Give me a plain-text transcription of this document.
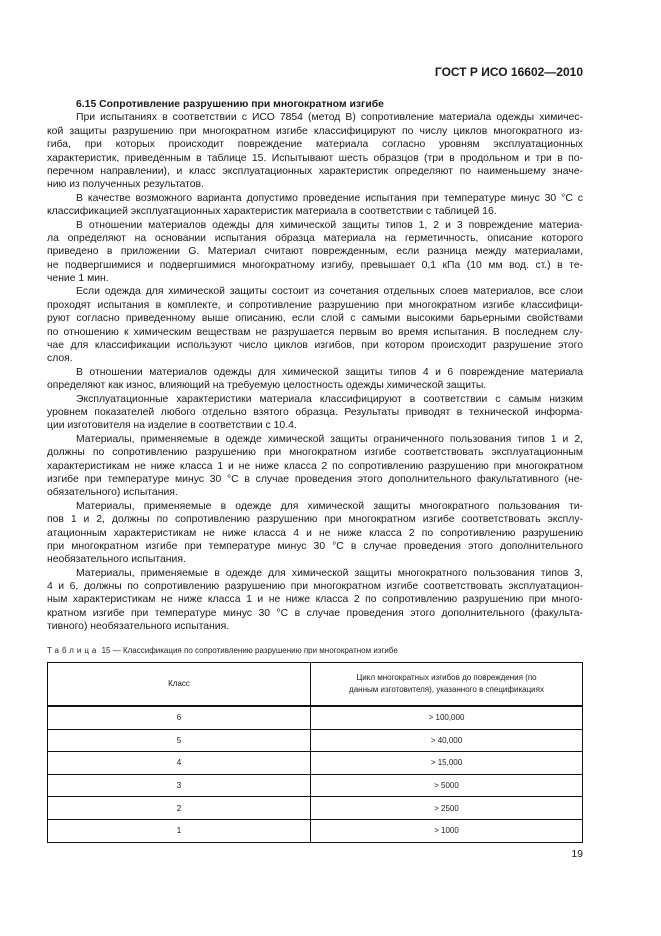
ГОСТ Р ИСО 16602—2010
6.15 Сопротивление разрушению при многократном изгибе
При испытаниях в соответствии с ИСО 7854 (метод В) сопротивление материала одежды химичес-
кой защиты разрушению при многократном изгибе классифицируют по числу циклов многократного из-
гиба, при которых происходит повреждение материала согласно уровням эксплуатационных
характеристик, приведенным в таблице 15. Испытывают шесть образцов (три в продольном и три в по-
перечном направлении), и класс эксплуатационных характеристик определяют по наименьшему значе-
нию из полученных результатов.
В качестве возможного варианта допустимо проведение испытания при температуре минус 30 °С с
классификацией эксплуатационных характеристик материала в соответствии с таблицей 16.
В отношении материалов одежды для химической защиты типов 1, 2 и 3 повреждение материа-
ла определяют на основании испытания образца материала на герметичность, описание которого
приведено в приложении G. Материал считают поврежденным, если разница между материалами,
не подвергшимися и подвергшимися многократному изгибу, превышает 0,1 кПа (10 мм вод. ст.) в те-
чение 1 мин.
Если одежда для химической защиты состоит из сочетания отдельных слоев материалов, все слои
проходят испытания в комплекте, и сопротивление разрушению при многократном изгибе классифици-
руют согласно приведенному выше описанию, если слой с самыми высокими барьерными свойствами
по отношению к химическим веществам не разрушается первым во время испытания. В последнем слу-
чае для классификации используют число циклов изгибов, при котором происходит разрушение этого
слоя.
В отношении материалов одежды для химической защиты типов 4 и 6 повреждение материала
определяют как износ, влияющий на требуемую целостность одежды химической защиты.
Эксплуатационные характеристики материала классифицируют в соответствии с самым низким
уровнем показателей любого отдельно взятого образца. Результаты приводят в технической информа-
ции изготовителя на изделие в соответствии с 10.4.
Материалы, применяемые в одежде химической защиты ограниченного пользования типов 1 и 2,
должны по сопротивлению разрушению при многократном изгибе соответствовать эксплуатационным
характеристикам не ниже класса 1 и не ниже класса 2 по сопротивлению разрушению при многократном
изгибе при температуре минус 30 °С в случае проведения этого дополнительного факультативного (не-
обязательного) испытания.
Материалы, применяемые в одежде для химической защиты многократного пользования ти-
пов 1 и 2, должны по сопротивлению разрушению при многократном изгибе соответствовать эксплу-
атационным характеристикам не ниже класса 4 и не ниже класса 2 по сопротивлению разрушению
при многократном изгибе при температуре минус 30 °С в случае проведения этого дополнительного
необязательного испытания.
Материалы, применяемые в одежде для химической защиты многократного пользования типов 3,
4 и 6, должны по сопротивлению разрушению при многократном изгибе соответствовать эксплуатацион-
ным характеристикам не ниже класса 1 и не ниже класса 2 по сопротивлению разрушению при много-
кратном изгибе при температуре минус 30 °С в случае проведения этого дополнительного (факульта-
тивного) необязательного испытания.
Таблица 15 — Классификация по сопротивлению разрушению при многократном изгибе
Класс	Цикл многократных изгибов до повреждения (по данным изготовителя), указанного в спецификациях

6	> 100,000
5	> 40,000
4	> 15,000
3	> 5000
2	> 2500
1	> 1000
19
